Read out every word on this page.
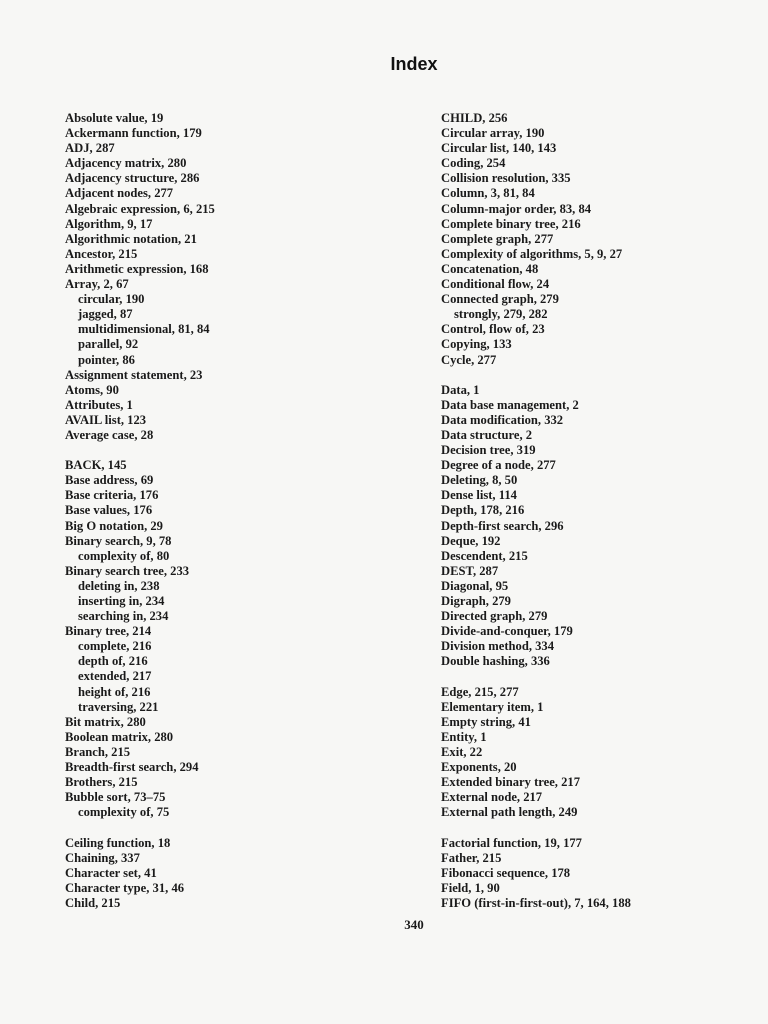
Index
Absolute value, 19
Ackermann function, 179
ADJ, 287
Adjacency matrix, 280
Adjacency structure, 286
Adjacent nodes, 277
Algebraic expression, 6, 215
Algorithm, 9, 17
Algorithmic notation, 21
Ancestor, 215
Arithmetic expression, 168
Array, 2, 67
circular, 190
jagged, 87
multidimensional, 81, 84
parallel, 92
pointer, 86
Assignment statement, 23
Atoms, 90
Attributes, 1
AVAIL list, 123
Average case, 28
BACK, 145
Base address, 69
Base criteria, 176
Base values, 176
Big O notation, 29
Binary search, 9, 78
complexity of, 80
Binary search tree, 233
deleting in, 238
inserting in, 234
searching in, 234
Binary tree, 214
complete, 216
depth of, 216
extended, 217
height of, 216
traversing, 221
Bit matrix, 280
Boolean matrix, 280
Branch, 215
Breadth-first search, 294
Brothers, 215
Bubble sort, 73–75
complexity of, 75
Ceiling function, 18
Chaining, 337
Character set, 41
Character type, 31, 46
Child, 215
CHILD, 256
Circular array, 190
Circular list, 140, 143
Coding, 254
Collision resolution, 335
Column, 3, 81, 84
Column-major order, 83, 84
Complete binary tree, 216
Complete graph, 277
Complexity of algorithms, 5, 9, 27
Concatenation, 48
Conditional flow, 24
Connected graph, 279
strongly, 279, 282
Control, flow of, 23
Copying, 133
Cycle, 277
Data, 1
Data base management, 2
Data modification, 332
Data structure, 2
Decision tree, 319
Degree of a node, 277
Deleting, 8, 50
Dense list, 114
Depth, 178, 216
Depth-first search, 296
Deque, 192
Descendent, 215
DEST, 287
Diagonal, 95
Digraph, 279
Directed graph, 279
Divide-and-conquer, 179
Division method, 334
Double hashing, 336
Edge, 215, 277
Elementary item, 1
Empty string, 41
Entity, 1
Exit, 22
Exponents, 20
Extended binary tree, 217
External node, 217
External path length, 249
Factorial function, 19, 177
Father, 215
Fibonacci sequence, 178
Field, 1, 90
FIFO (first-in-first-out), 7, 164, 188
340
